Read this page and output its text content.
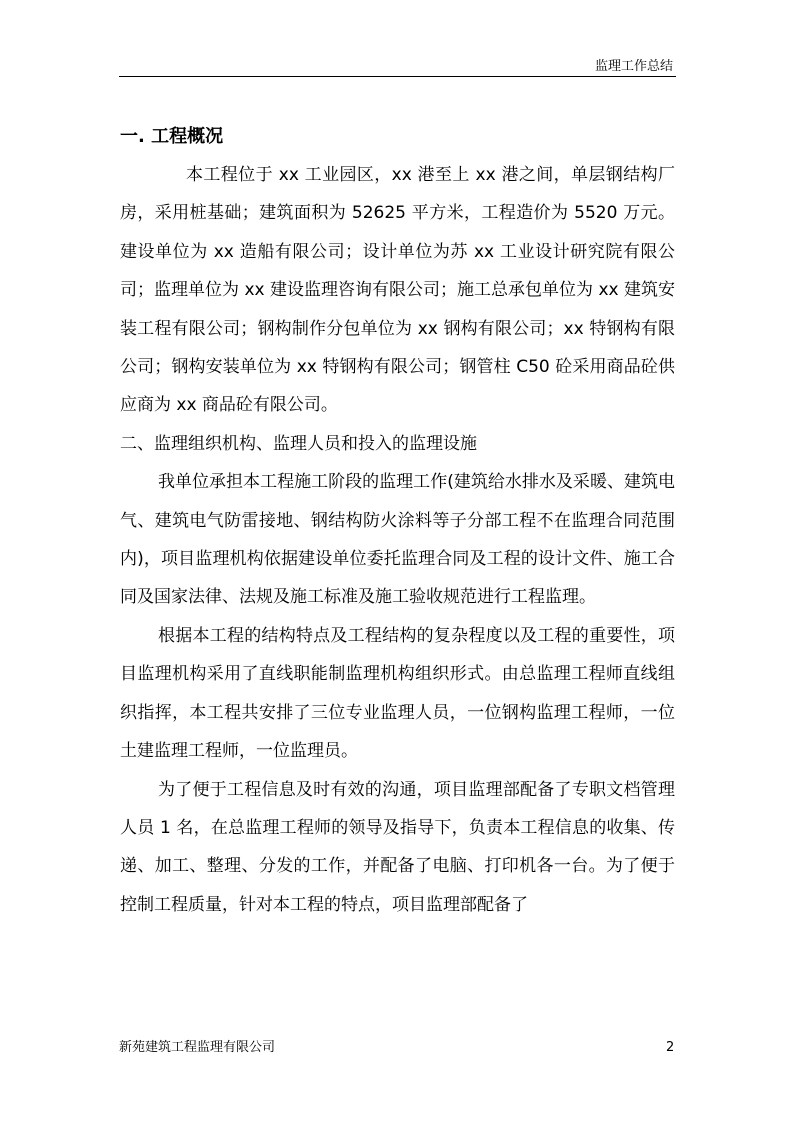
监理工作总结

一. 工程概况

本工程位于 xx 工业园区，xx 港至上 xx 港之间，单层钢结构厂房，采用桩基础；建筑面积为 52625 平方米，工程造价为 5520 万元。建设单位为 xx 造船有限公司；设计单位为苏 xx 工业设计研究院有限公司；监理单位为 xx 建设监理咨询有限公司；施工总承包单位为 xx 建筑安装工程有限公司；钢构制作分包单位为 xx 钢构有限公司；xx 特钢构有限公司；钢构安装单位为 xx 特钢构有限公司；钢管柱 C50 砼采用商品砼供应商为 xx 商品砼有限公司。

二、监理组织机构、监理人员和投入的监理设施

我单位承担本工程施工阶段的监理工作(建筑给水排水及采暖、建筑电气、建筑电气防雷接地、钢结构防火涂料等子分部工程不在监理合同范围内)，项目监理机构依据建设单位委托监理合同及工程的设计文件、施工合同及国家法律、法规及施工标准及施工验收规范进行工程监理。

根据本工程的结构特点及工程结构的复杂程度以及工程的重要性，项目监理机构采用了直线职能制监理机构组织形式。由总监理工程师直线组织指挥，本工程共安排了三位专业监理人员，一位钢构监理工程师，一位土建监理工程师，一位监理员。

为了便于工程信息及时有效的沟通，项目监理部配备了专职文档管理人员 1 名，在总监理工程师的领导及指导下，负责本工程信息的收集、传递、加工、整理、分发的工作，并配备了电脑、打印机各一台。为了便于控制工程质量，针对本工程的特点，项目监理部配备了

新苑建筑工程监理有限公司	2
